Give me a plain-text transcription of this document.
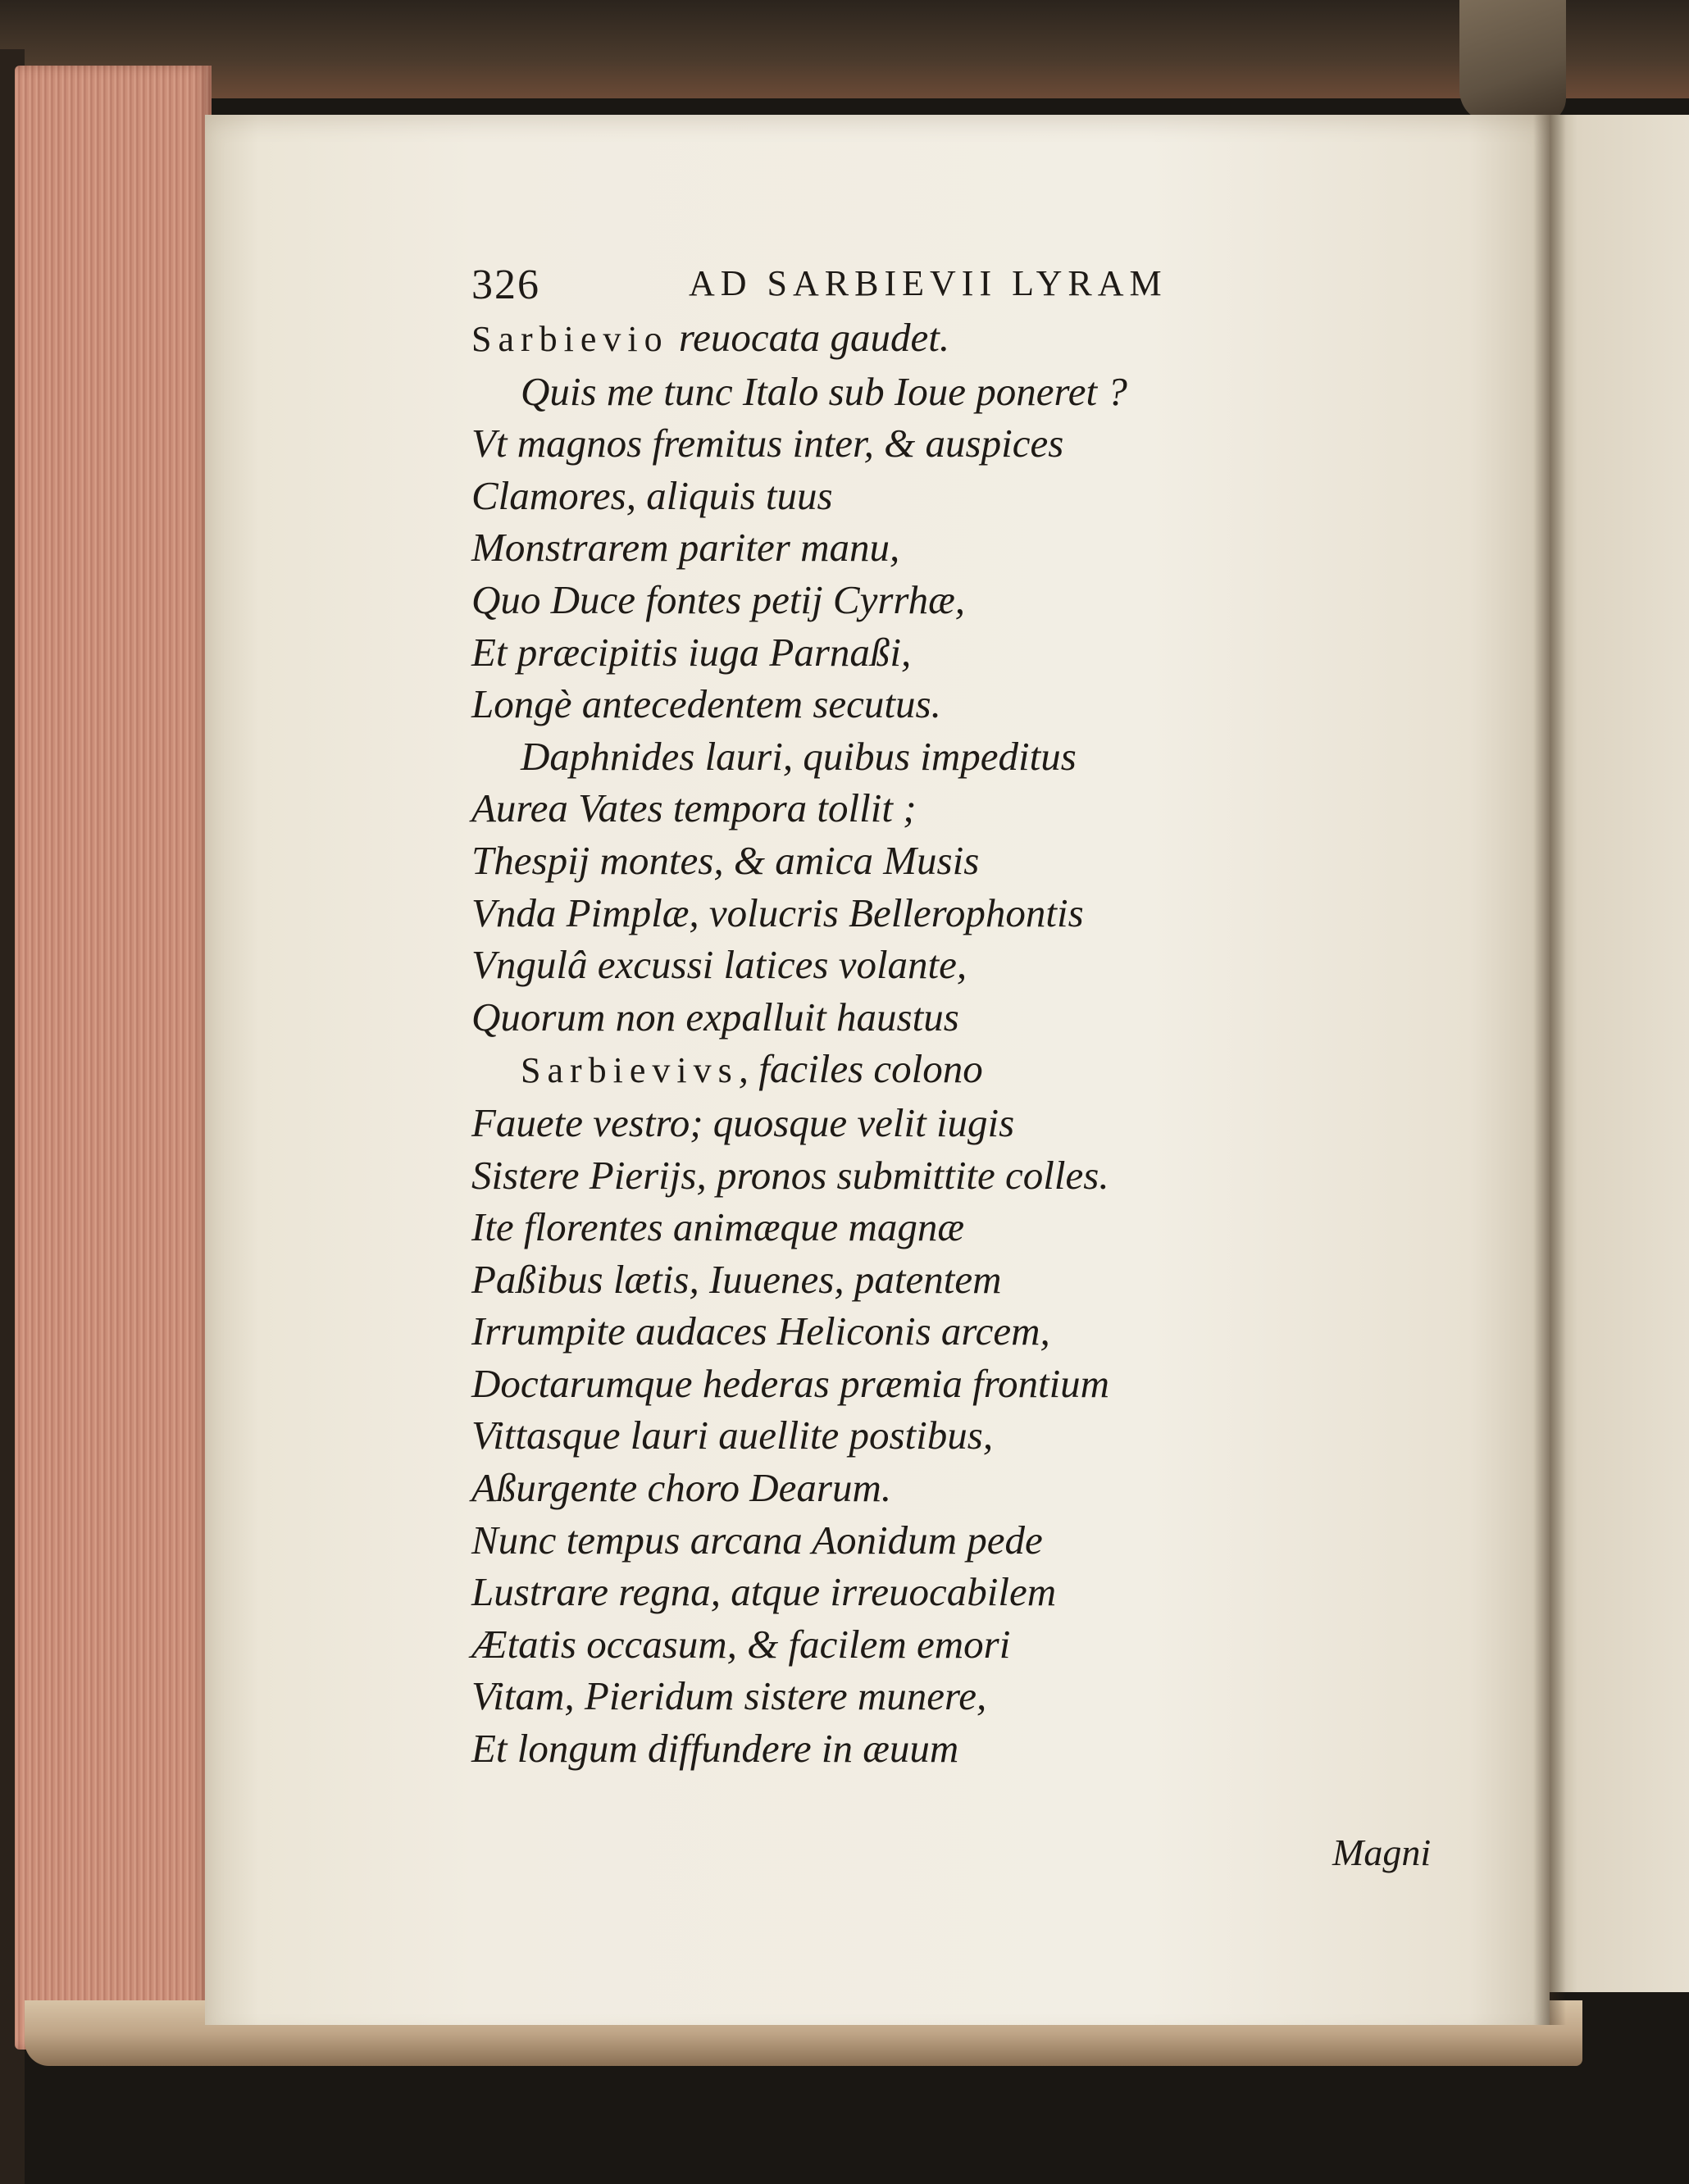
326	AD SARBIEVII LYRAM
Sarbievio reuocata gaudet.
Quis me tunc Italo sub Ioue poneret ?
Vt magnos fremitus inter, & auspices
Clamores, aliquis tuus
Monstrarem pariter manu,
Quo Duce fontes petij Cyrrhæ,
Et præcipitis iuga Parnaßi,
Longè antecedentem secutus.
Daphnides lauri, quibus impeditus
Aurea Vates tempora tollit ;
Thespij montes, & amica Musis
Vnda Pimplæ, volucris Bellerophontis
Vngulâ excussi latices volante,
Quorum non expalluit haustus
Sarbievivs, faciles colono
Fauete vestro; quosque velit iugis
Sistere Pierijs, pronos submittite colles.
Ite florentes animæque magnæ
Paßibus lætis, Iuuenes, patentem
Irrumpite audaces Heliconis arcem,
Doctarumque hederas præmia frontium
Vittasque lauri auellite postibus,
Aßurgente choro Dearum.
Nunc tempus arcana Aonidum pede
Lustrare regna, atque irreuocabilem
Ætatis occasum, & facilem emori
Vitam, Pieridum sistere munere,
Et longum diffundere in æuum
Magni
